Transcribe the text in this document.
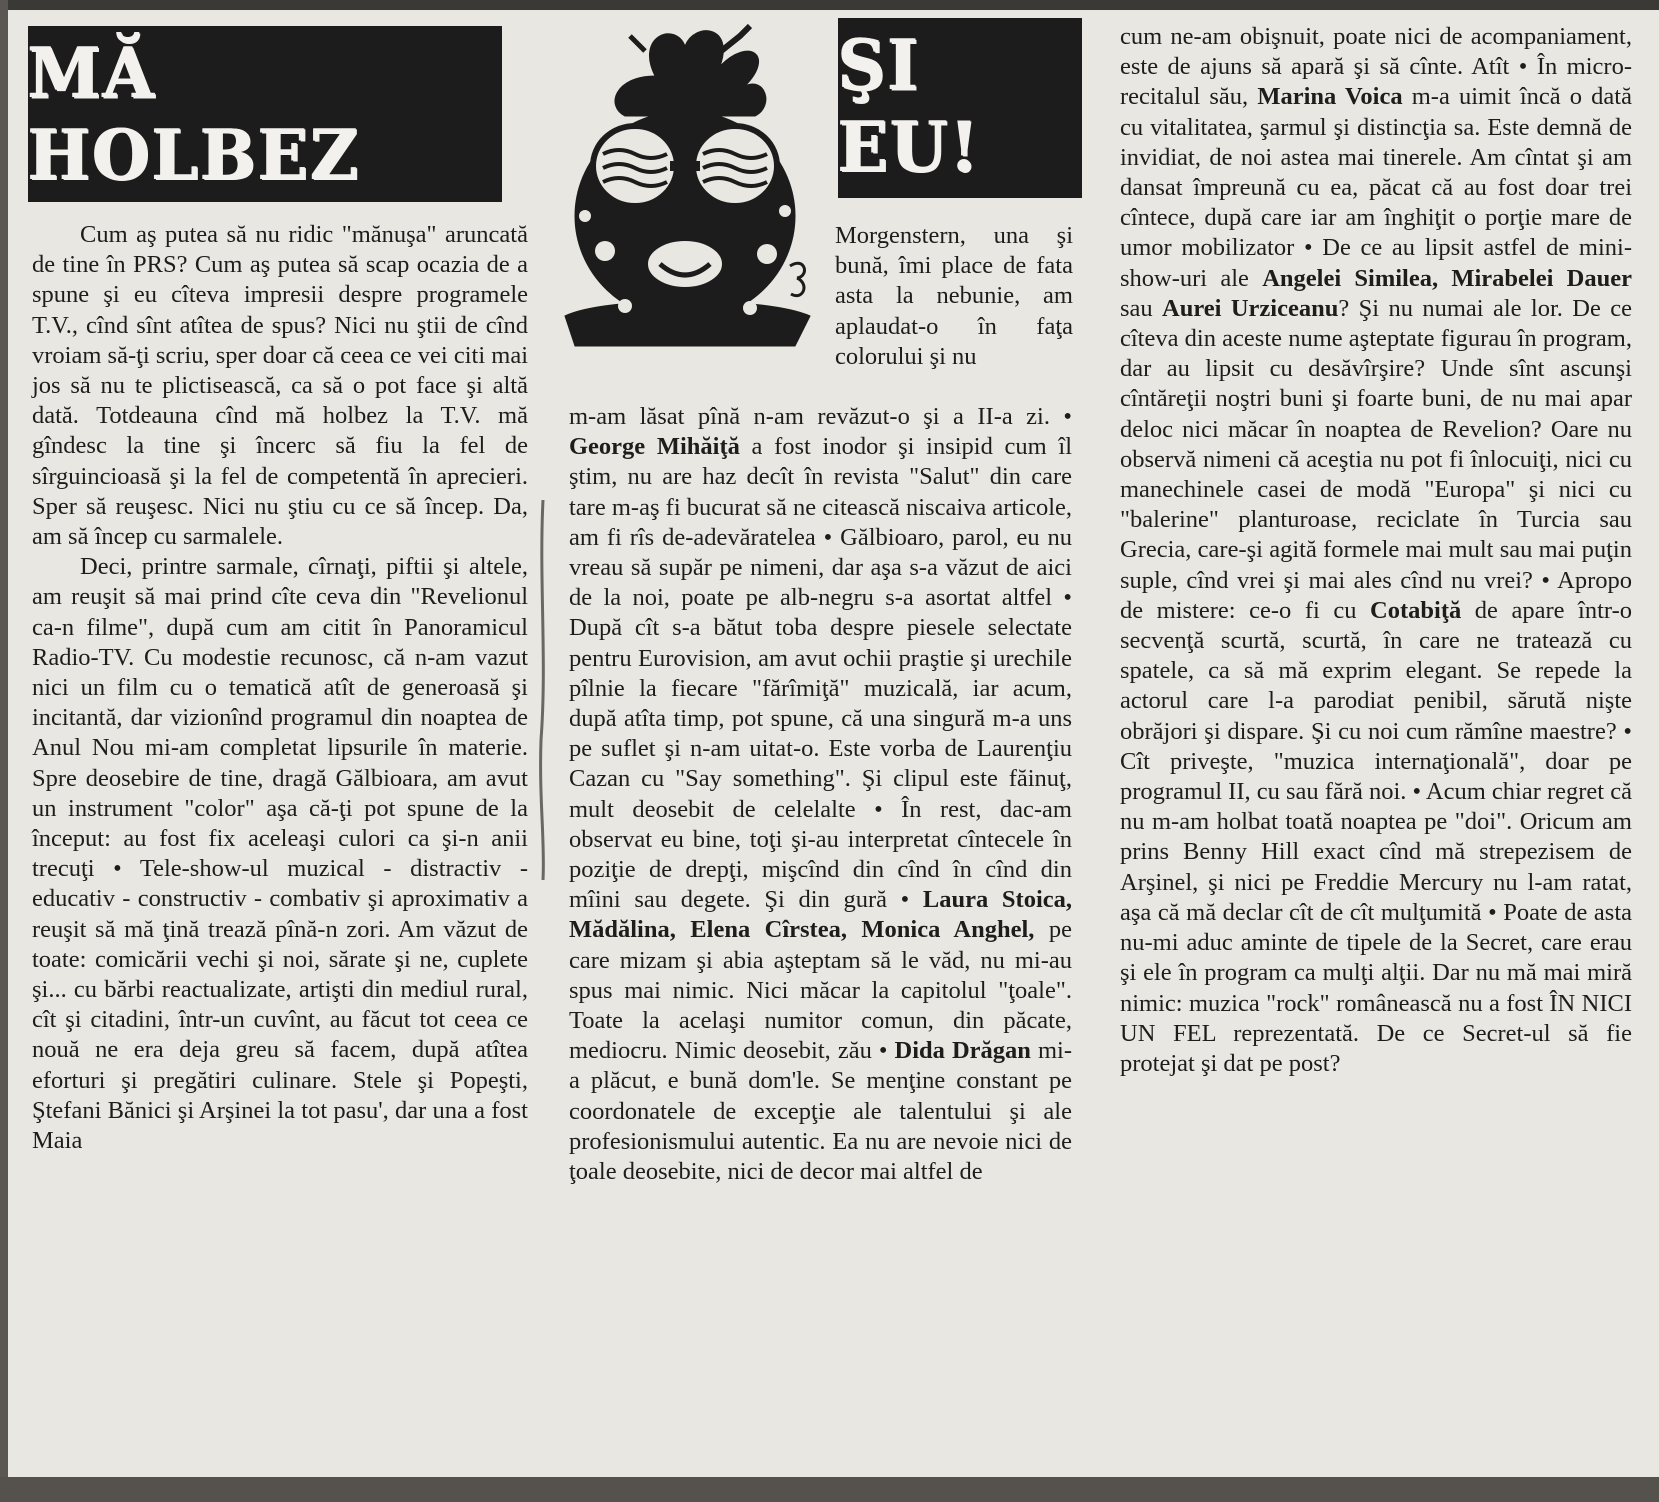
MĂ HOLBEZ
ŞI EU!

Cum aş putea să nu ridic "mănuşa" aruncată de tine în PRS? Cum aş putea să scap ocazia de a spune şi eu cîteva impresii despre programele T.V., cînd sînt atîtea de spus? Nici nu ştii de cînd vroiam să-ţi scriu, sper doar că ceea ce vei citi mai jos să nu te plictisească, ca să o pot face şi altă dată. Totdeauna cînd mă holbez la T.V. mă gîndesc la tine şi încerc să fiu la fel de sîrguincioasă şi la fel de competentă în aprecieri. Sper să reuşesc. Nici nu ştiu cu ce să încep. Da, am să încep cu sarmalele.

Deci, printre sarmale, cîrnaţi, piftii şi altele, am reuşit să mai prind cîte ceva din "Revelionul ca-n filme", după cum am citit în Panoramicul Radio-TV. Cu modestie recunosc, că n-am vazut nici un film cu o tematică atît de generoasă şi incitantă, dar vizionînd programul din noaptea de Anul Nou mi-am completat lipsurile în materie. Spre deosebire de tine, dragă Gălbioara, am avut un instrument "color" aşa că-ţi pot spune de la început: au fost fix aceleaşi culori ca şi-n anii trecuţi • Tele-show-ul muzical - distractiv - educativ - constructiv - combativ şi aproximativ a reuşit să mă ţină trează pînă-n zori. Am văzut de toate: comicării vechi şi noi, sărate şi ne, cuplete şi... cu bărbi reactualizate, artişti din mediul rural, cît şi citadini, într-un cuvînt, au făcut tot ceea ce nouă ne era deja greu să facem, după atîtea eforturi şi pregătiri culinare. Stele şi Popeşti, Ştefani Bănici şi Arşinei la tot pasu', dar una a fost Maia

Morgenstern, una şi bună, îmi place de fata asta la nebunie, am aplaudat-o în faţa colorului şi nu

m-am lăsat pînă n-am revăzut-o şi a II-a zi. • George Mihăiţă a fost inodor şi insipid cum îl ştim, nu are haz decît în revista "Salut" din care tare m-aş fi bucurat să ne citească niscaiva articole, am fi rîs de-adevăratelea • Gălbioaro, parol, eu nu vreau să supăr pe nimeni, dar aşa s-a văzut de aici de la noi, poate pe alb-negru s-a asortat altfel • După cît s-a bătut toba despre piesele selectate pentru Eurovision, am avut ochii praştie şi urechile pîlnie la fiecare "fărîmiţă" muzicală, iar acum, după atîta timp, pot spune, că una singură m-a uns pe suflet şi n-am uitat-o. Este vorba de Laurenţiu Cazan cu "Say something". Şi clipul este făinuţ, mult deosebit de celelalte • În rest, dac-am observat eu bine, toţi şi-au interpretat cîntecele în poziţie de drepţi, mişcînd din cînd în cînd din mîini sau degete. Şi din gură • Laura Stoica, Mădălina, Elena Cîrstea, Monica Anghel, pe care mizam şi abia aşteptam să le văd, nu mi-au spus mai nimic. Nici măcar la capitolul "ţoale". Toate la acelaşi numitor comun, din păcate, mediocru. Nimic deosebit, zău • Dida Drăgan mi-a plăcut, e bună dom'le. Se menţine constant pe coordonatele de excepţie ale talentului şi ale profesionismului autentic. Ea nu are nevoie nici de ţoale deosebite, nici de decor mai altfel de

cum ne-am obişnuit, poate nici de acompaniament, este de ajuns să apară şi să cînte. Atît • În micro-recitalul său, Marina Voica m-a uimit încă o dată cu vitalitatea, şarmul şi distincţia sa. Este demnă de invidiat, de noi astea mai tinerele. Am cîntat şi am dansat împreună cu ea, păcat că au fost doar trei cîntece, după care iar am înghiţit o porţie mare de umor mobilizator • De ce au lipsit astfel de mini-show-uri ale Angelei Similea, Mirabelei Dauer sau Aurei Urziceanu? Şi nu numai ale lor. De ce cîteva din aceste nume aşteptate figurau în program, dar au lipsit cu desăvîrşire? Unde sînt ascunşi cîntăreţii noştri buni şi foarte buni, de nu mai apar deloc nici măcar în noaptea de Revelion? Oare nu observă nimeni că aceştia nu pot fi înlocuiţi, nici cu manechinele casei de modă "Europa" şi nici cu "balerine" planturoase, reciclate în Turcia sau Grecia, care-şi agită formele mai mult sau mai puţin suple, cînd vrei şi mai ales cînd nu vrei? • Apropo de mistere: ce-o fi cu Cotabiţă de apare într-o secvenţă scurtă, scurtă, în care ne tratează cu spatele, ca să mă exprim elegant. Se repede la actorul care l-a parodiat penibil, sărută nişte obrăjori şi dispare. Şi cu noi cum rămîne maestre? • Cît priveşte, "muzica internaţională", doar pe programul II, cu sau fără noi. • Acum chiar regret că nu m-am holbat toată noaptea pe "doi". Oricum am prins Benny Hill exact cînd mă strepezisem de Arşinel, şi nici pe Freddie Mercury nu l-am ratat, aşa că mă declar cît de cît mulţumită • Poate de asta nu-mi aduc aminte de tipele de la Secret, care erau şi ele în program ca mulţi alţii. Dar nu mă mai miră nimic: muzica "rock" românească nu a fost ÎN NICI UN FEL reprezentată. De ce Secret-ul să fie protejat şi dat pe post?
